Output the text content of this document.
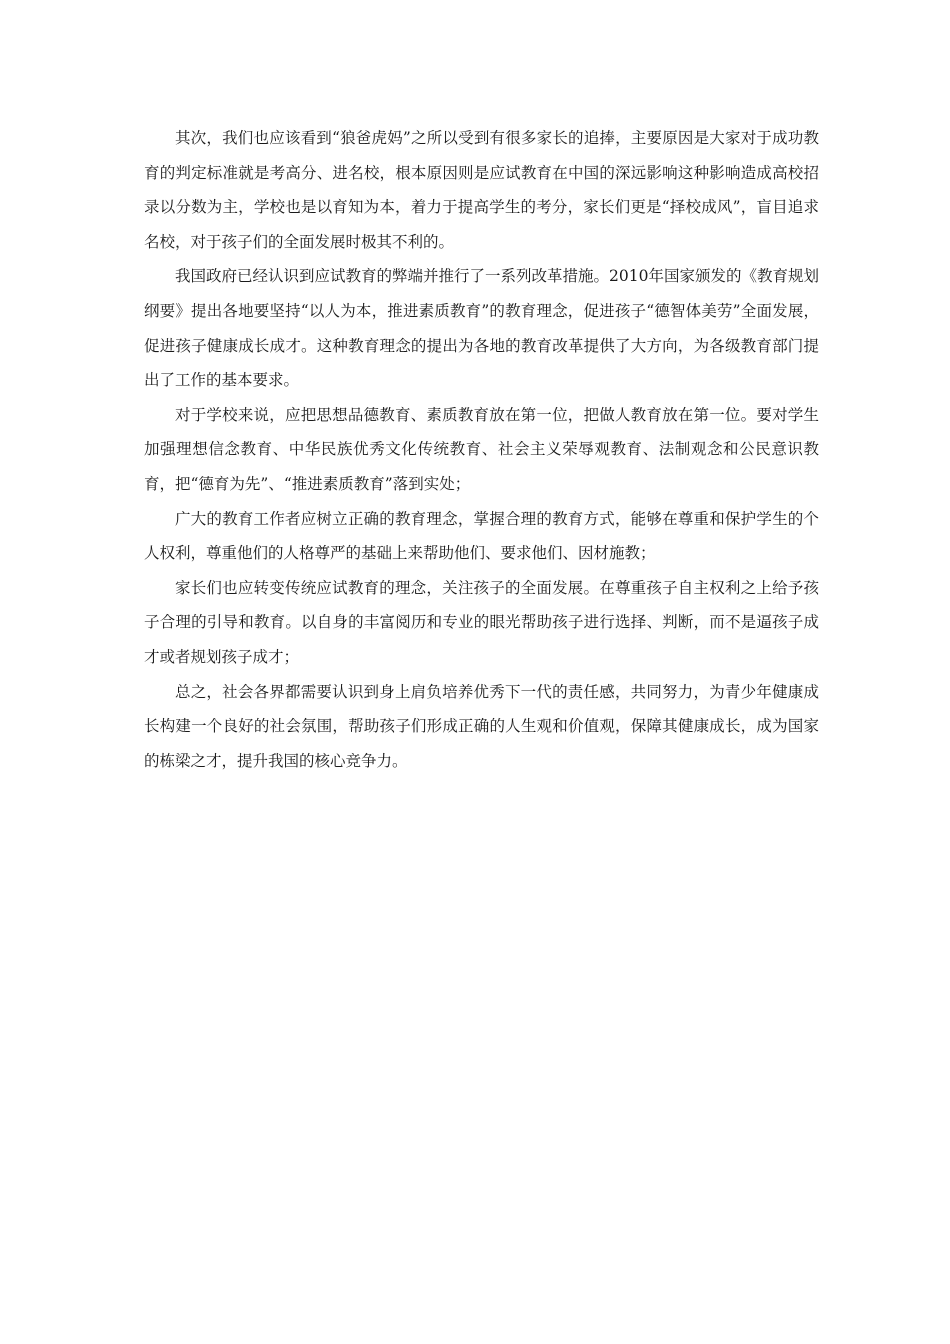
其次，我们也应该看到“狼爸虎妈”之所以受到有很多家长的追捧，主要原因是大家对于成功教育的判定标准就是考高分、进名校，根本原因则是应试教育在中国的深远影响这种影响造成高校招录以分数为主，学校也是以育知为本，着力于提高学生的考分，家长们更是“择校成风”，盲目追求名校，对于孩子们的全面发展时极其不利的。

我国政府已经认识到应试教育的弊端并推行了一系列改革措施。2010年国家颁发的《教育规划纲要》提出各地要坚持“以人为本，推进素质教育”的教育理念，促进孩子“德智体美劳”全面发展，促进孩子健康成长成才。这种教育理念的提出为各地的教育改革提供了大方向，为各级教育部门提出了工作的基本要求。

对于学校来说，应把思想品德教育、素质教育放在第一位，把做人教育放在第一位。要对学生加强理想信念教育、中华民族优秀文化传统教育、社会主义荣辱观教育、法制观念和公民意识教育，把“德育为先”、“推进素质教育”落到实处；

广大的教育工作者应树立正确的教育理念，掌握合理的教育方式，能够在尊重和保护学生的个人权利，尊重他们的人格尊严的基础上来帮助他们、要求他们、因材施教；

家长们也应转变传统应试教育的理念，关注孩子的全面发展。在尊重孩子自主权利之上给予孩子合理的引导和教育。以自身的丰富阅历和专业的眼光帮助孩子进行选择、判断，而不是逼孩子成才或者规划孩子成才；

总之，社会各界都需要认识到身上肩负培养优秀下一代的责任感，共同努力，为青少年健康成长构建一个良好的社会氛围，帮助孩子们形成正确的人生观和价值观，保障其健康成长，成为国家的栋梁之才，提升我国的核心竞争力。
